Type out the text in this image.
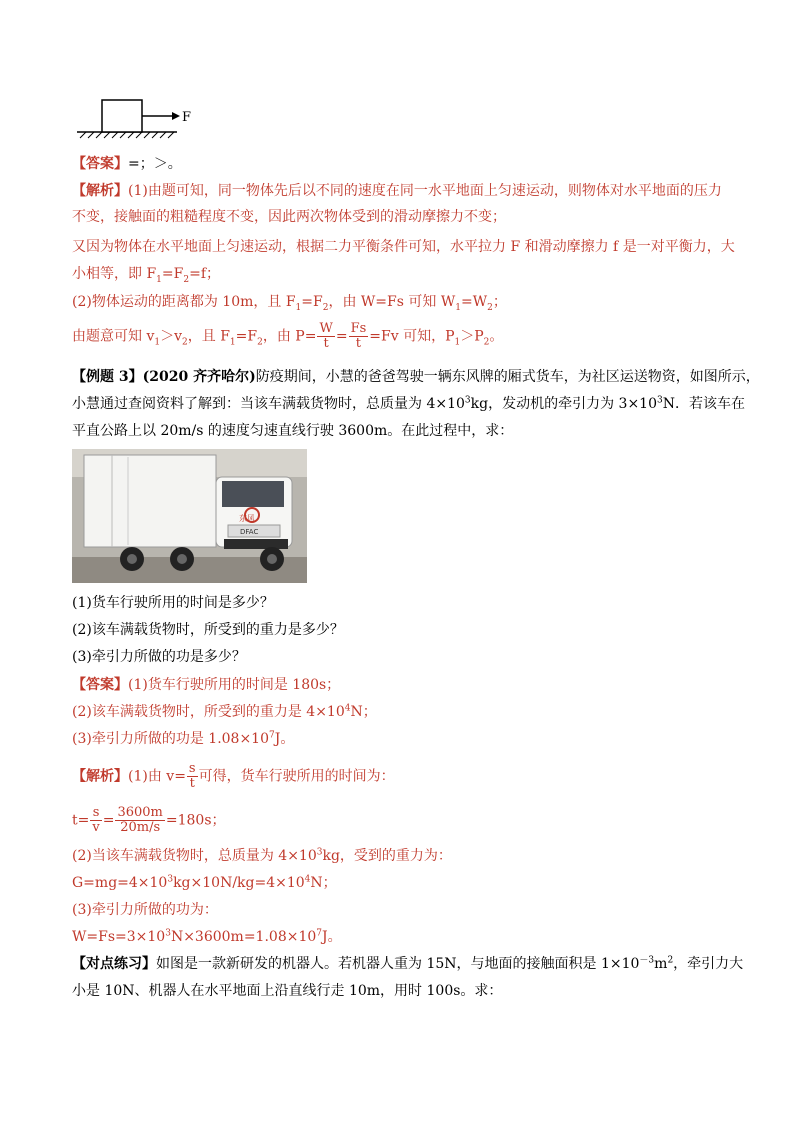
F
【答案】=；＞。
【解析】(1)由题可知，同一物体先后以不同的速度在同一水平地面上匀速运动，则物体对水平地面的压力
不变，接触面的粗糙程度不变，因此两次物体受到的滑动摩擦力不变；
又因为物体在水平地面上匀速运动，根据二力平衡条件可知，水平拉力 F 和滑动摩擦力 f 是一对平衡力，大
小相等，即 $F_1=F_2=f$；
(2)物体运动的距离都为 10m，且 $F_1=F_2$，由 W=Fs 可知 $W_1=W_2$；
由题意可知 $v_1>v_2$，且 $F_1=F_2$，由 $P= \frac{W}{t} = \frac{Fs}{t} =Fv$ 可知，$P_1>P_2$。
【例题 3】(2020 齐齐哈尔)防疫期间，小慧的爸爸驾驶一辆东风牌的厢式货车，为社区运送物资，如图所示，
小慧通过查阅资料了解到：当该车满载货物时，总质量为 $4\times 10^3kg$，发动机的牵引力为 $3\times 10^3N$．若该车在
平直公路上以 20m/s 的速度匀速直线行驶 3600m。在此过程中，求：
东风
DFAC
(1)货车行驶所用的时间是多少？
(2)该车满载货物时，所受到的重力是多少？
(3)牵引力所做的功是多少？
【答案】(1)货车行驶所用的时间是 180s；
(2)该车满载货物时，所受到的重力是 $4\times 10^4N$；
(3)牵引力所做的功是 $1.08\times 10^7J$。
【解析】(1)由 $v= \frac{s}{t}$ 可得，货车行驶所用的时间为：
$t= \frac{s}{v} = \frac{3600m}{20m/s} =180s$；
(2)当该车满载货物时，总质量为 $4\times 10^3kg$，受到的重力为：
$G=mg=4\times 10^3kg\times 10N/kg=4\times 10^4N$；
(3)牵引力所做的功为：
$W=Fs=3\times 10^3N\times 3600m=1.08\times 10^7J$。
【对点练习】如图是一款新研发的机器人。若机器人重为 15N，与地面的接触面积是 $1\times 10^{-3}m^2$，牵引力大
小是 10N、机器人在水平地面上沿直线行走 10m，用时 100s。求：
